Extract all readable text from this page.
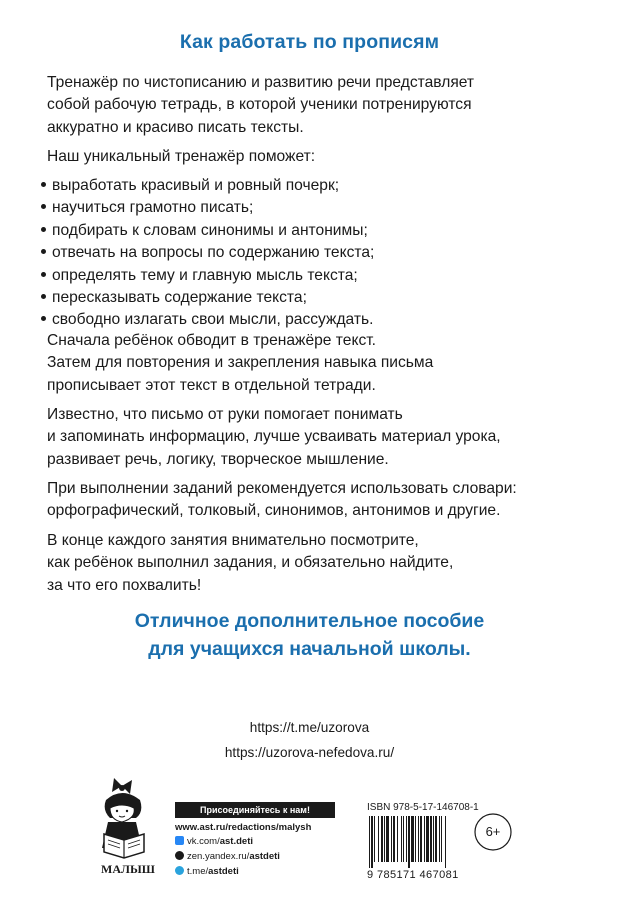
Как работать по прописям
Тренажёр по чистописанию и развитию речи представляет
собой рабочую тетрадь, в которой ученики потренируются
аккуратно и красиво писать тексты.
Наш уникальный тренажёр поможет:
выработать красивый и ровный почерк;
научиться грамотно писать;
подбирать к словам синонимы и антонимы;
отвечать на вопросы по содержанию текста;
определять тему и главную мысль текста;
пересказывать содержание текста;
свободно излагать свои мысли, рассуждать.
Сначала ребёнок обводит в тренажёре текст.
Затем для повторения и закрепления навыка письма
прописывает этот текст в отдельной тетради.
Известно, что письмо от руки помогает понимать
и запоминать информацию, лучше усваивать материал урока,
развивает речь, логику, творческое мышление.
При выполнении заданий рекомендуется использовать словари:
орфографический, толковый, синонимов, антонимов и другие.
В конце каждого занятия внимательно посмотрите,
как ребёнок выполнил задания, и обязательно найдите,
за что его похвалить!
Отличное дополнительное пособие
для учащихся начальной школы.
https://t.me/uzorova
https://uzorova-nefedova.ru/
МАЛЫШ
Присоединяйтесь к нам!
www.ast.ru/redactions/malysh
vk.com/ast.deti
zen.yandex.ru/astdeti
t.me/astdeti
ISBN 978-5-17-146708-1
9 785171 467081
6+
